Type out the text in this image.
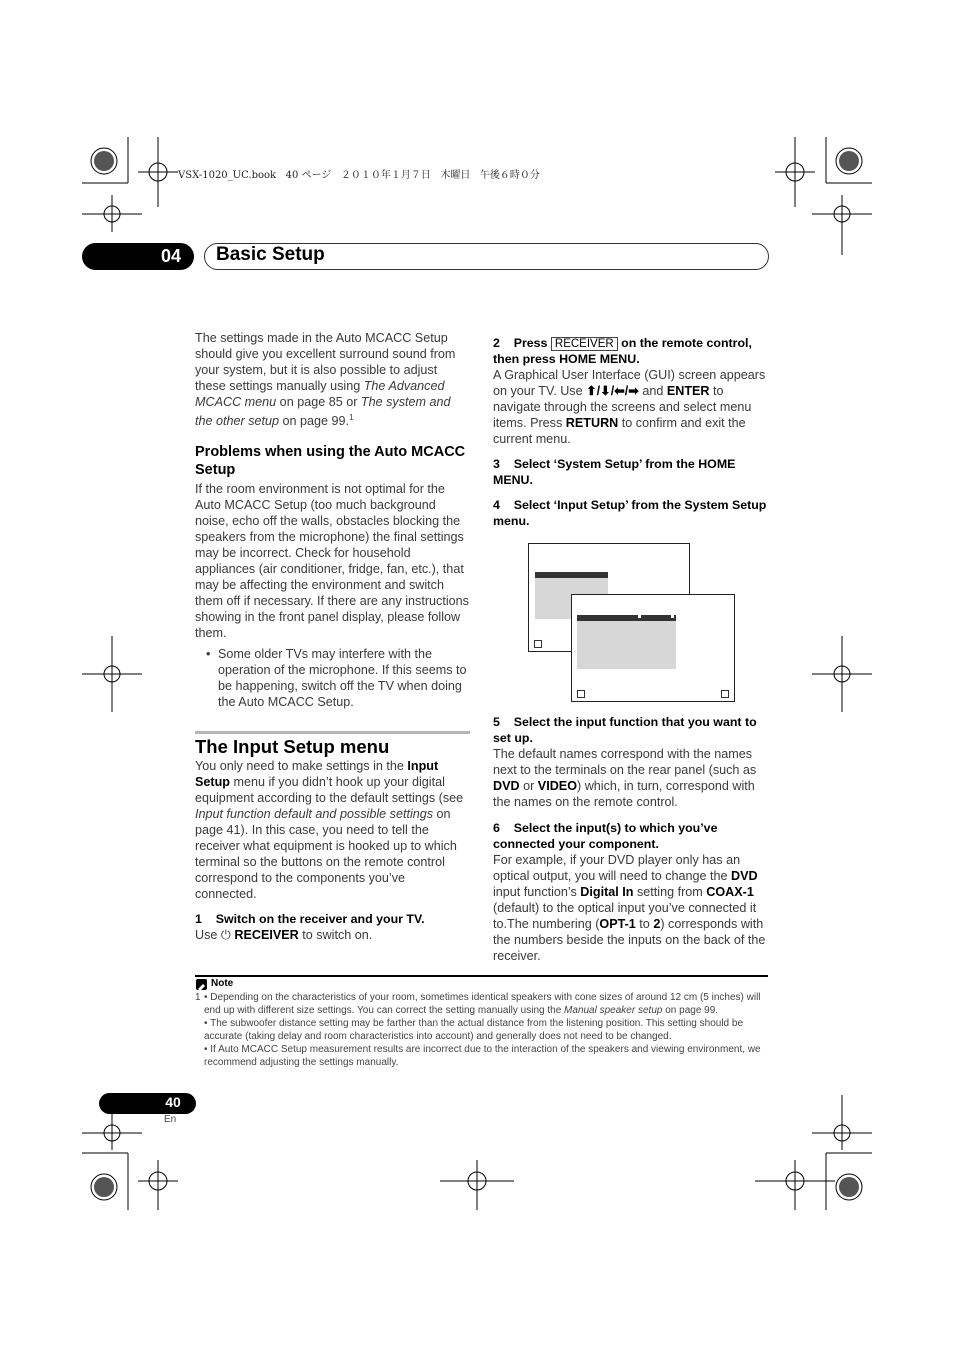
VSX-1020_UC.book   40 ページ   ２０１０年１月７日   木曜日   午後６時０分
04	Basic Setup

The settings made in the Auto MCACC Setup should give you excellent surround sound from your system, but it is also possible to adjust these settings manually using The Advanced MCACC menu on page 85 or The system and the other setup on page 99.$^1$

Problems when using the Auto MCACC Setup

If the room environment is not optimal for the Auto MCACC Setup (too much background noise, echo off the walls, obstacles blocking the speakers from the microphone) the final settings may be incorrect. Check for household appliances (air conditioner, fridge, fan, etc.), that may be affecting the environment and switch them off if necessary. If there are any instructions showing in the front panel display, please follow them.

• Some older TVs may interfere with the operation of the microphone. If this seems to be happening, switch off the TV when doing the Auto MCACC Setup.

The Input Setup menu

You only need to make settings in the Input Setup menu if you didn’t hook up your digital equipment according to the default settings (see Input function default and possible settings on page 41). In this case, you need to tell the receiver what equipment is hooked up to which terminal so the buttons on the remote control correspond to the components you’ve connected.

1 Switch on the receiver and your TV.

Use ⏻ RECEIVER to switch on.

2 Press RECEIVER on the remote control, then press HOME MENU.

A Graphical User Interface (GUI) screen appears on your TV. Use ⬆/⬇/⬅/➡ and ENTER to navigate through the screens and select menu items. Press RETURN to confirm and exit the current menu.

3 Select ‘System Setup’ from the HOME MENU.
4 Select ‘Input Setup’ from the System Setup menu.
5 Select the input function that you want to set up.

The default names correspond with the names next to the terminals on the rear panel (such as DVD or VIDEO) which, in turn, correspond with the names on the remote control.

6 Select the input(s) to which you’ve connected your component.

For example, if your DVD player only has an optical output, you will need to change the DVD input function’s Digital In setting from COAX-1 (default) to the optical input you’ve connected it to.The numbering (OPT-1 to 2) corresponds with the numbers beside the inputs on the back of the receiver.

Note
1 • Depending on the characteristics of your room, sometimes identical speakers with cone sizes of around 12 cm (5 inches) will end up with different size settings. You can correct the setting manually using the Manual speaker setup on page 99.
• The subwoofer distance setting may be farther than the actual distance from the listening position. This setting should be accurate (taking delay and room characteristics into account) and generally does not need to be changed.
• If Auto MCACC Setup measurement results are incorrect due to the interaction of the speakers and viewing environment, we recommend adjusting the settings manually.
40
En
